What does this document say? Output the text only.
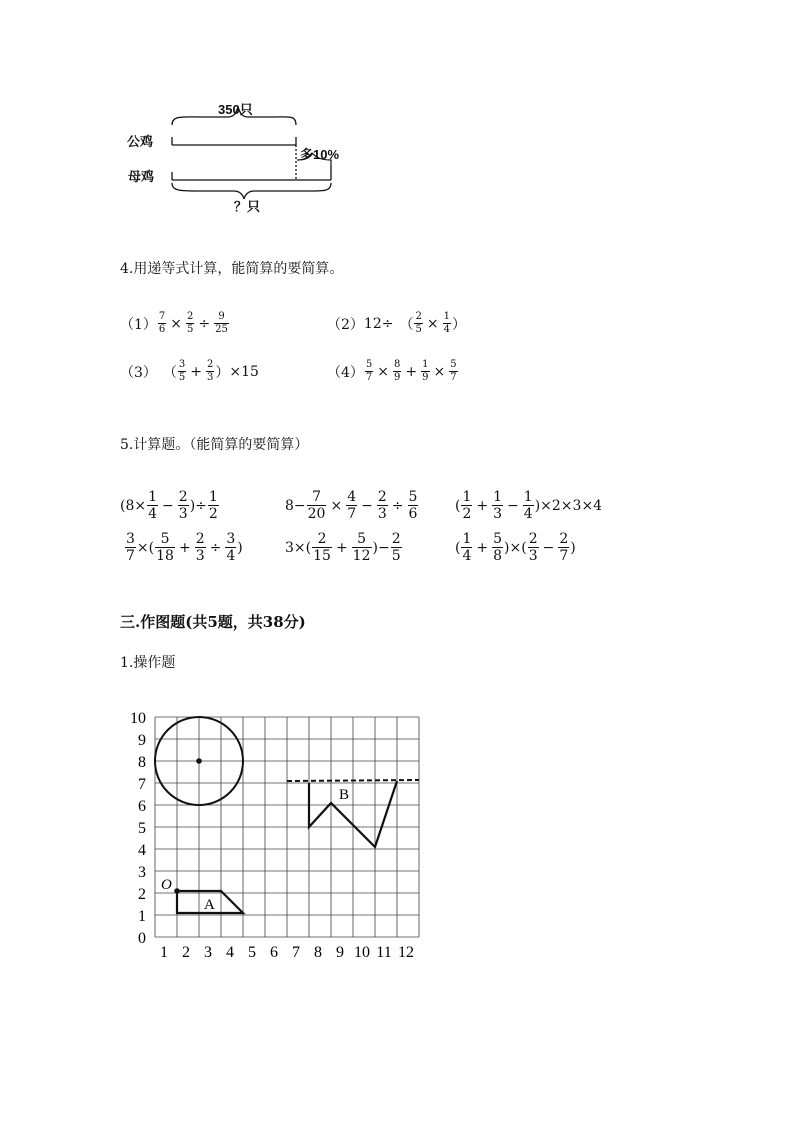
350只
公鸡
多10%
母鸡
？只
4.用递等式计算，能简算的要简算。
$(1) \frac{7}{6} \times \frac{2}{5} \div \frac{9}{25}$	（2） 12÷ （ $\frac{2}{5} \times \frac{1}{4}$ ）
（3） （ $\frac{3}{5} + \frac{2}{3}$ ） ×15	$(4) \frac{5}{7} \times \frac{8}{9} + \frac{1}{9} \times \frac{5}{7}$
5.计算题。（能简算的要简算）
($8\times \frac{1}{4} - \frac{2}{3}$ )÷ $\frac{1}{2}$	$8- \frac{7}{20} \times \frac{4}{7} - \frac{2}{3} \div \frac{5}{6}$	( $\frac{1}{2} + \frac{1}{3} - \frac{1}{4} )\times 2\times 3\times 4$
$\frac{3}{7}$ ×( $\frac{5}{18} + \frac{2}{3} \div \frac{3}{4}$ )	$3\times( \frac{2}{15} + \frac{5}{12}$ )− $\frac{2}{5}$	( $\frac{1}{4} + \frac{5}{8}$ )×( $\frac{2}{3} - \frac{2}{7}$ )
三.作图题(共5题，共38分)
1.操作题
10
9
8
7
6
5
4
3
2
1
0
1 2 3 4 5 6 7 8 9 10 11 12
B
A
O
